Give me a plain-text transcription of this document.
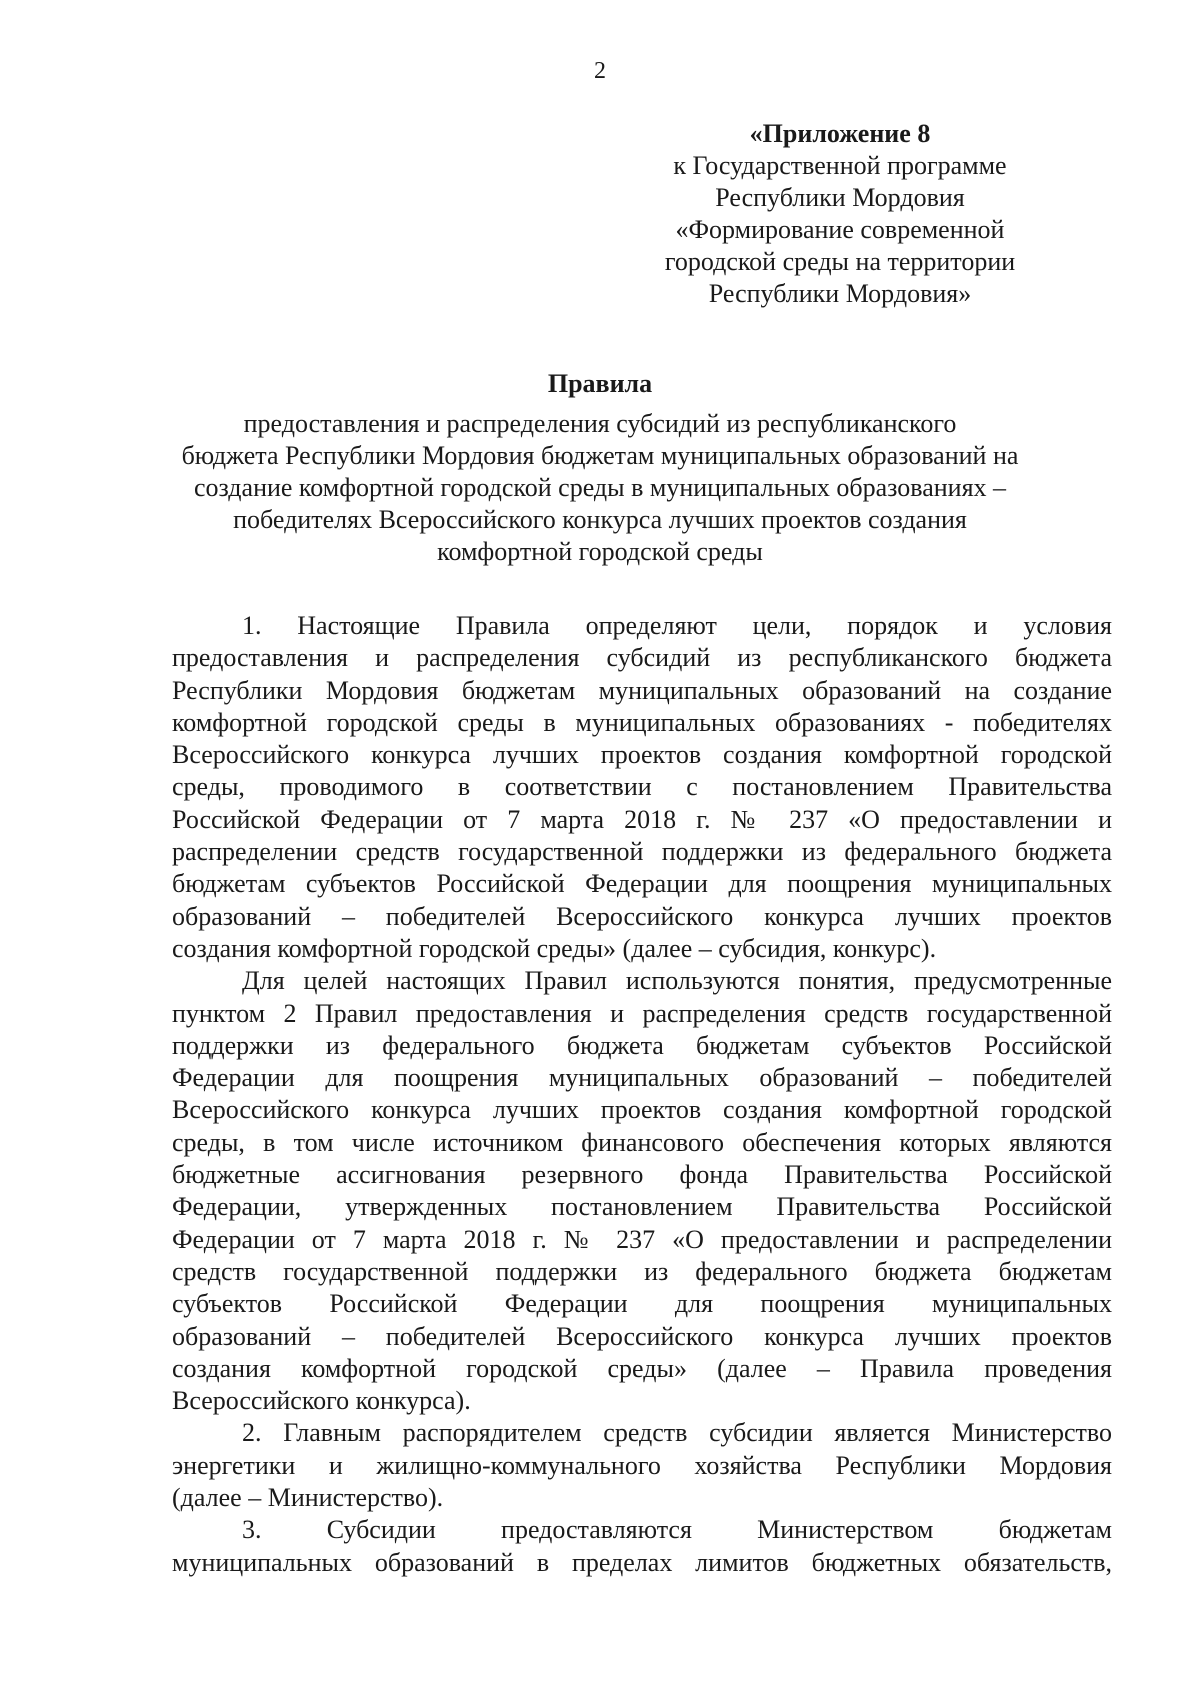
2
«Приложение 8
к Государственной программе
Республики Мордовия
«Формирование современной
городской среды на территории
Республики Мордовия»
Правила
предоставления и распределения субсидий из республиканского
бюджета Республики Мордовия бюджетам муниципальных образований на
создание комфортной городской среды в муниципальных образованиях –
победителях Всероссийского конкурса лучших проектов создания
комфортной городской среды
1. Настоящие Правила определяют цели, порядок и условия
предоставления и распределения субсидий из республиканского бюджета
Республики Мордовия бюджетам муниципальных образований на создание
комфортной городской среды в муниципальных образованиях - победителях
Всероссийского конкурса лучших проектов создания комфортной городской
среды, проводимого в соответствии с постановлением Правительства
Российской Федерации от 7 марта 2018 г. № 237 «О предоставлении и
распределении средств государственной поддержки из федерального бюджета
бюджетам субъектов Российской Федерации для поощрения муниципальных
образований – победителей Всероссийского конкурса лучших проектов
создания комфортной городской среды» (далее – субсидия, конкурс).
Для целей настоящих Правил используются понятия, предусмотренные
пунктом 2 Правил предоставления и распределения средств государственной
поддержки из федерального бюджета бюджетам субъектов Российской
Федерации для поощрения муниципальных образований – победителей
Всероссийского конкурса лучших проектов создания комфортной городской
среды, в том числе источником финансового обеспечения которых являются
бюджетные ассигнования резервного фонда Правительства Российской
Федерации, утвержденных постановлением Правительства Российской
Федерации от 7 марта 2018 г. № 237 «О предоставлении и распределении
средств государственной поддержки из федерального бюджета бюджетам
субъектов Российской Федерации для поощрения муниципальных
образований – победителей Всероссийского конкурса лучших проектов
создания комфортной городской среды» (далее – Правила проведения
Всероссийского конкурса).
2. Главным распорядителем средств субсидии является Министерство
энергетики и жилищно-коммунального хозяйства Республики Мордовия
(далее – Министерство).
3. Субсидии предоставляются Министерством бюджетам
муниципальных образований в пределах лимитов бюджетных обязательств,
